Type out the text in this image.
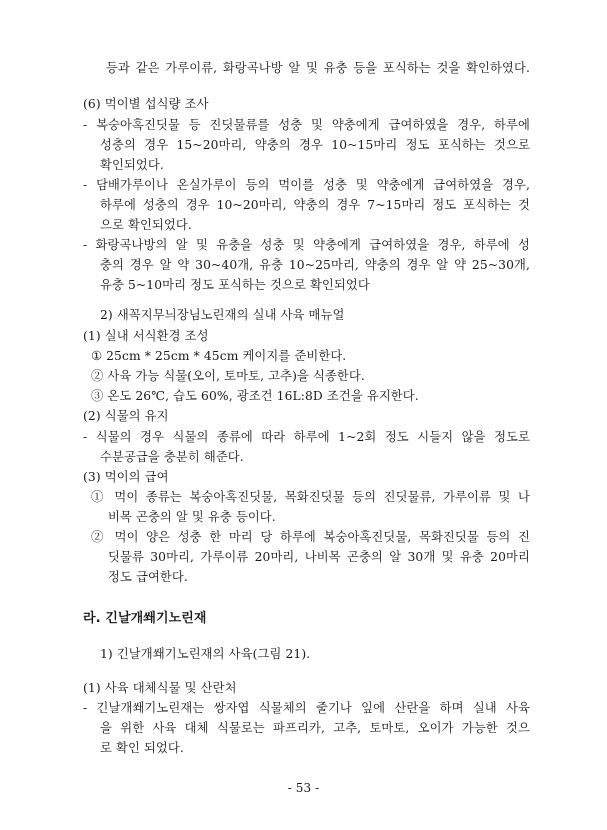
등과 같은 가루이류, 화랑곡나방 알 및 유충 등을 포식하는 것을 확인하였다.
(6) 먹이별 섭식량 조사
- 복숭아혹진딧물 등 진딧물류를 성충 및 약충에게 급여하였을 경우, 하루에
성충의 경우 15~20마리, 약충의 경우 10~15마리 정도 포식하는 것으로
확인되었다.
- 담배가루이나 온실가루이 등의 먹이를 성충 및 약충에게 급여하였을 경우,
하루에 성충의 경우 10~20마리, 약충의 경우 7~15마리 정도 포식하는 것
으로 확인되었다.
- 화랑곡나방의 알 및 유충을 성충 및 약충에게 급여하였을 경우, 하루에 성
충의 경우 알 약 30~40개, 유충 10~25마리, 약충의 경우 알 약 25~30개,
유충 5~10마리 정도 포식하는 것으로 확인되었다
2) 새꼭지무늬장님노린재의 실내 사육 매뉴얼
(1) 실내 서식환경 조성
① 25cm * 25cm * 45cm 케이지를 준비한다.
② 사육 가능 식물(오이, 토마토, 고추)을 식종한다.
③ 온도 26℃, 습도 60%, 광조건 16L:8D 조건을 유지한다.
(2) 식물의 유지
- 식물의 경우 식물의 종류에 따라 하루에 1~2회 정도 시들지 않을 정도로
수분공급을 충분히 해준다.
(3) 먹이의 급여
① 먹이 종류는 복숭아혹진딧물, 목화진딧물 등의 진딧물류, 가루이류 및 나
비목 곤충의 알 및 유충 등이다.
② 먹이 양은 성충 한 마리 당 하루에 복숭아혹진딧물, 목화진딧물 등의 진
딧물류 30마리, 가루이류 20마리, 나비목 곤충의 알 30개 및 유충 20마리
정도 급여한다.
라. 긴날개쐐기노린재
1) 긴날개쐐기노린재의 사육(그림 21).
(1) 사육 대체식물 및 산란처
- 긴날개쐐기노린재는 쌍자엽 식물체의 줄기나 잎에 산란을 하며 실내 사육
을 위한 사육 대체 식물로는 파프리카, 고추, 토마토, 오이가 가능한 것으
로 확인 되었다.
- 53 -
